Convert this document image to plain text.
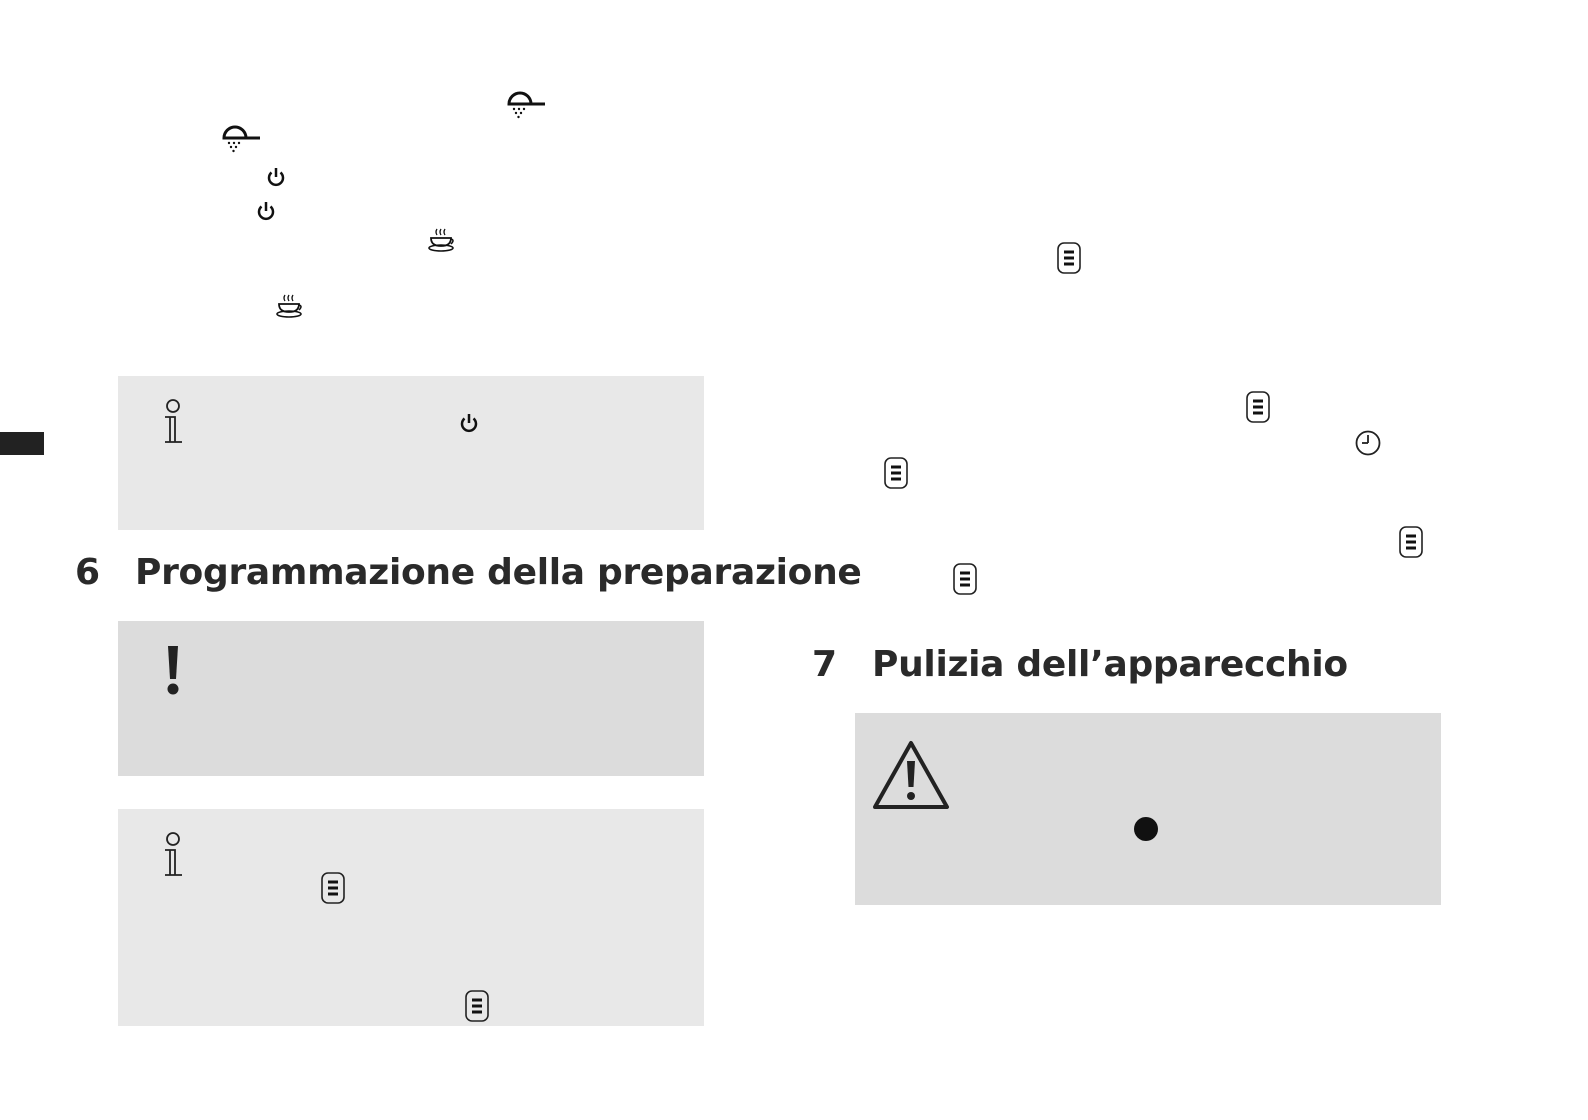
6 Programmazione della preparazione
7 Pulizia dell’apparecchio
